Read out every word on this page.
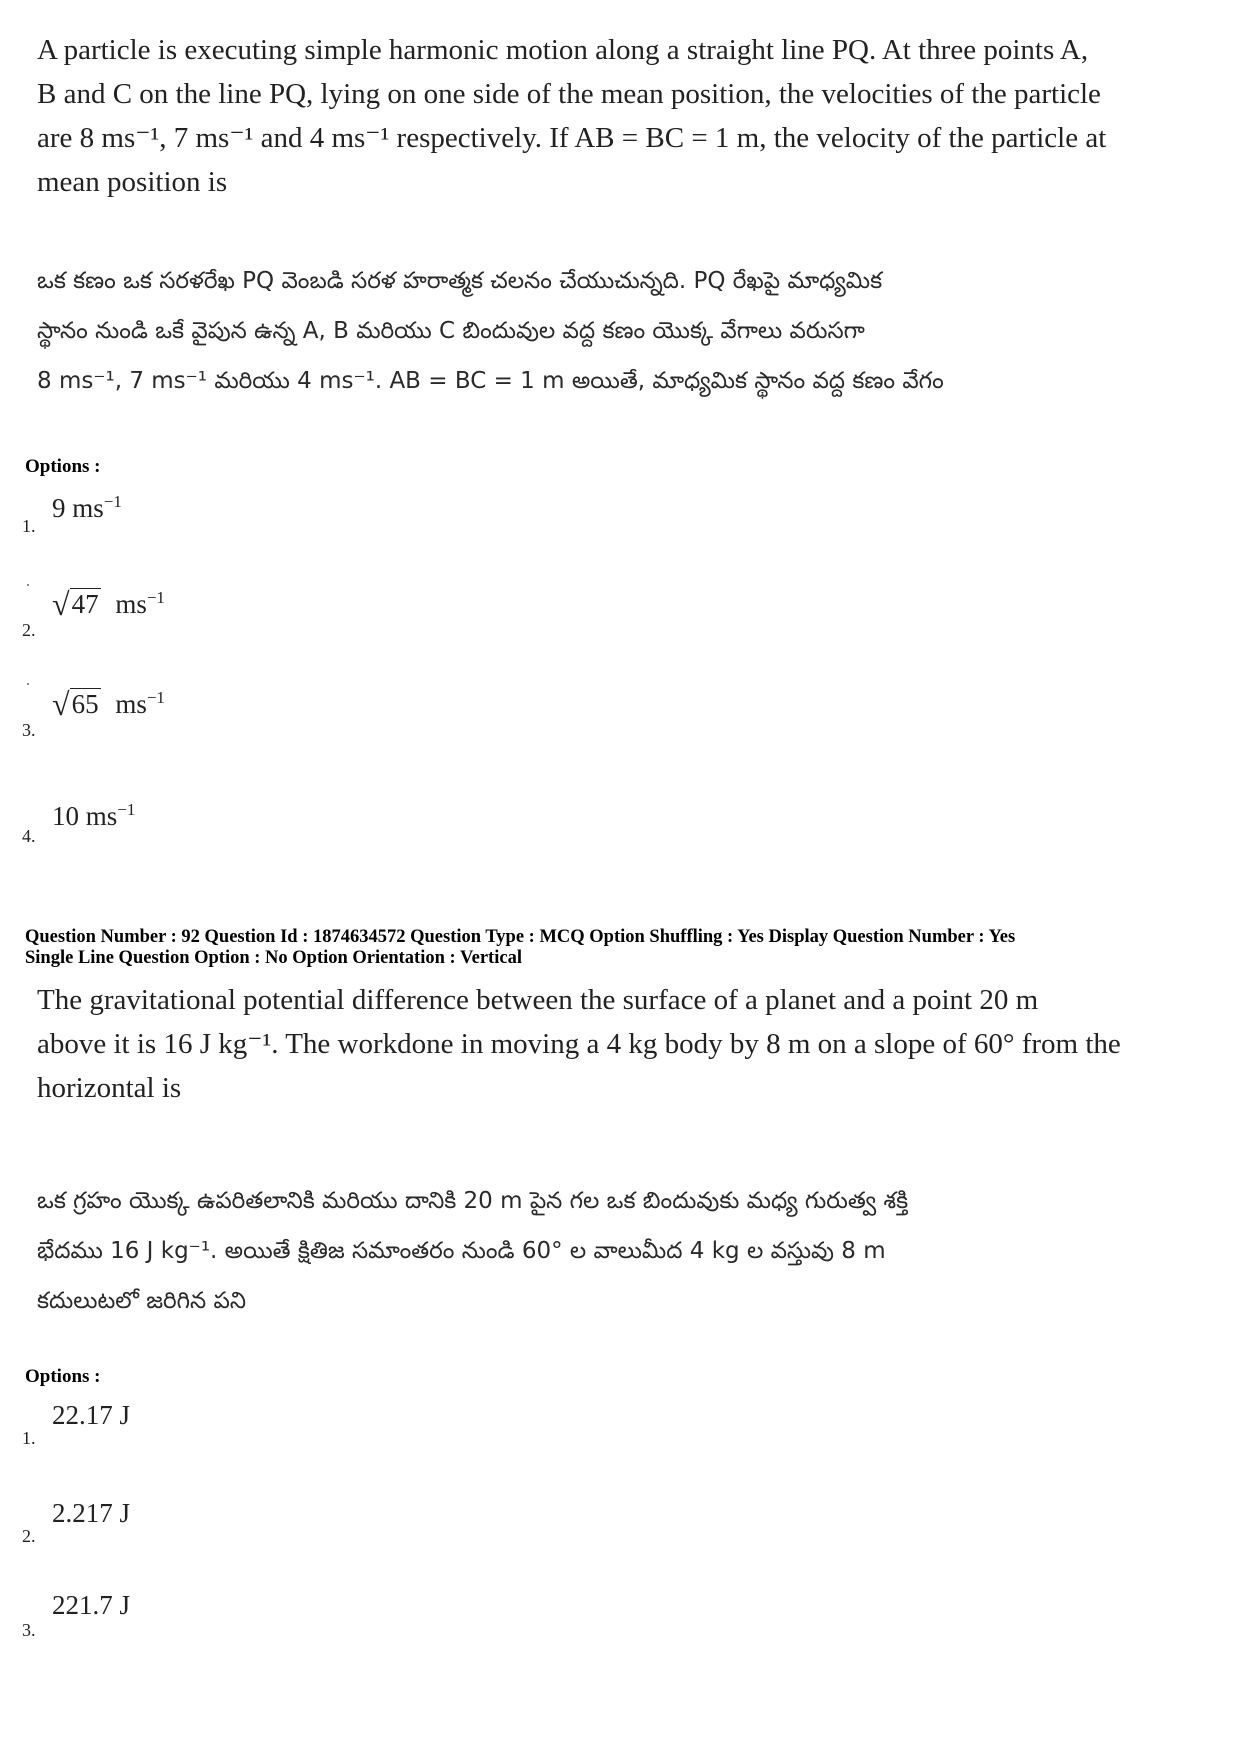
A particle is executing simple harmonic motion along a straight line PQ. At three points A,
B and C on the line PQ, lying on one side of the mean position, the velocities of the particle
are 8 ms⁻¹, 7 ms⁻¹ and 4 ms⁻¹ respectively. If AB = BC = 1 m, the velocity of the particle at
mean position is
ఒక కణం ఒక సరళరేఖ PQ వెంబడి సరళ హరాత్మక చలనం చేయుచున్నది. PQ రేఖపై మాధ్యమిక
స్థానం నుండి ఒకే వైపున ఉన్న A, B మరియు C బిందువుల వద్ద కణం యొక్క వేగాలు వరుసగా
8 ms⁻¹, 7 ms⁻¹ మరియు 4 ms⁻¹. AB = BC = 1 m అయితే, మాధ్యమిక స్థానం వద్ద కణం వేగం
Options :
1.
9 $ms^{-1}$
2.
√47 $ms^{-1}$
3.
√65 $ms^{-1}$
4.
10 $ms^{-1}$
Question Number : 92 Question Id : 1874634572 Question Type : MCQ Option Shuffling : Yes Display Question Number : Yes
Single Line Question Option : No Option Orientation : Vertical
The gravitational potential difference between the surface of a planet and a point 20 m
above it is 16 J kg⁻¹. The workdone in moving a 4 kg body by 8 m on a slope of 60° from the
horizontal is
ఒక గ్రహం యొక్క ఉపరితలానికి మరియు దానికి 20 m పైన గల ఒక బిందువుకు మధ్య గురుత్వ శక్తి
భేదము 16 J kg⁻¹. అయితే క్షితిజ సమాంతరం నుండి 60° ల వాలుమీద 4 kg ల వస్తువు 8 m
కదులుటలో జరిగిన పని
Options :
1.
22.17 J
2.
2.217 J
3.
221.7 J
